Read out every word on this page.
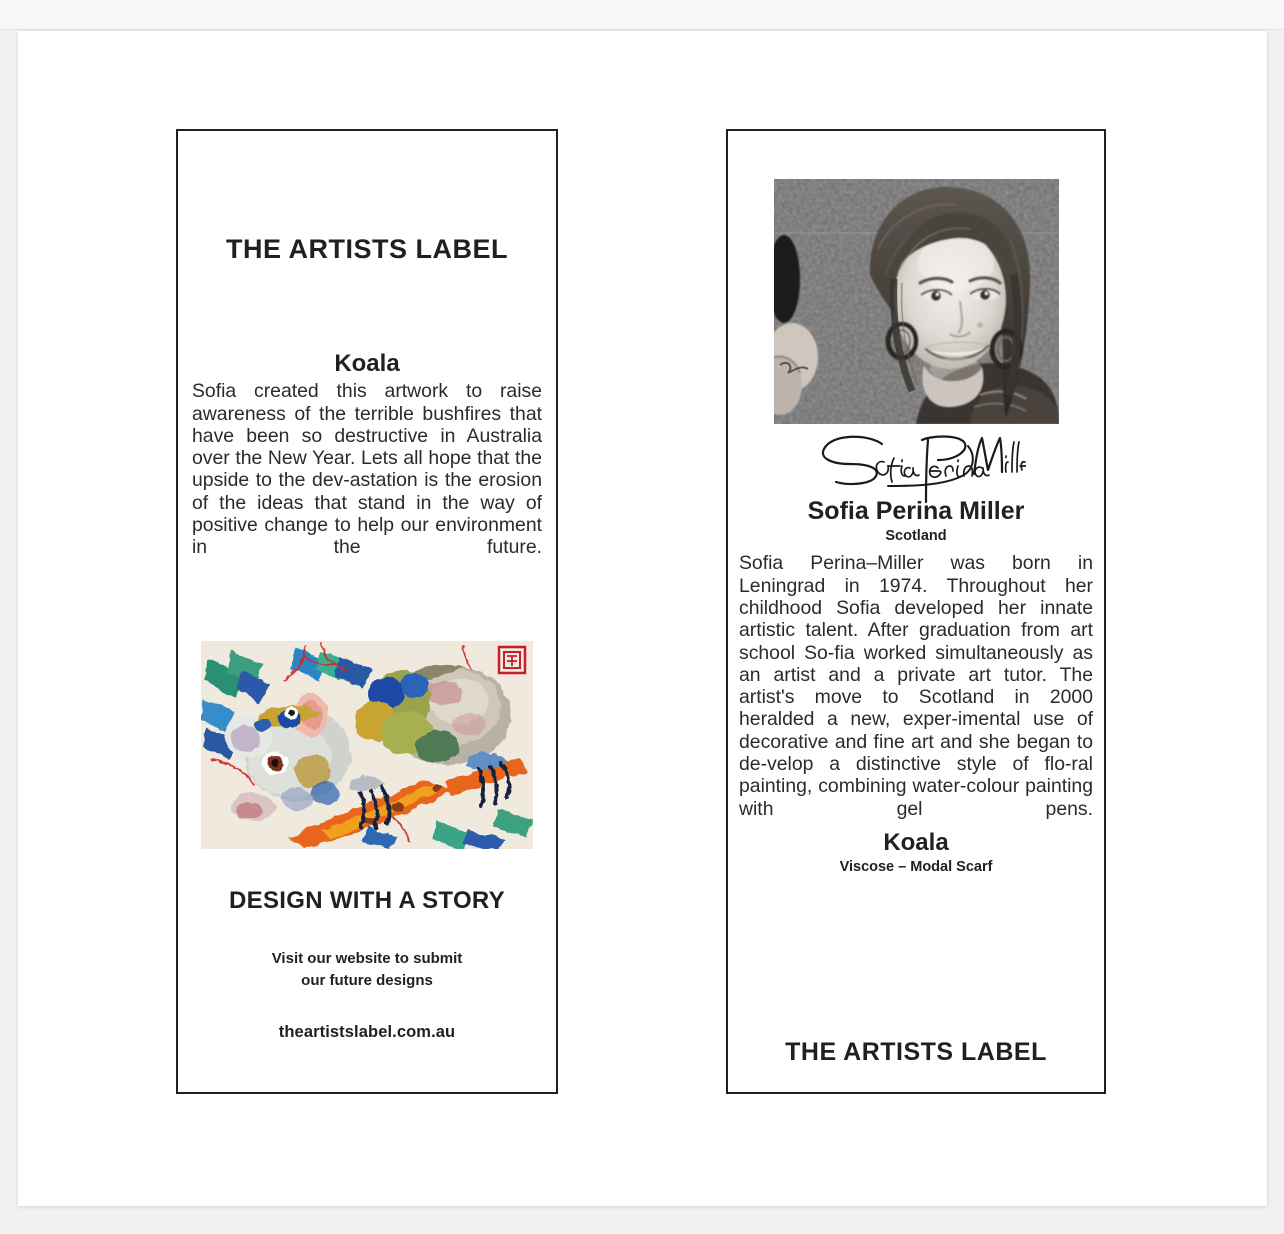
THE ARTISTS LABEL
Koala
Sofia created this artwork to raise awareness of the terrible bushfires that have been so destructive in Australia over the New Year. Lets all hope that the upside to the dev-astation is the erosion of the ideas that stand in the way of positive change to help our environment in the future.
DESIGN WITH A STORY
Visit our website to submit
our future designs
theartistslabel.com.au
Sofia Perina Miller
Scotland
Sofia Perina–Miller was born in Leningrad in 1974. Throughout her childhood Sofia developed her innate artistic talent. After graduation from art school So-fia worked simultaneously as an artist and a private art tutor. The artist's move to Scotland in 2000 heralded a new, exper-imental use of decorative and fine art and she began to de-velop a distinctive style of flo-ral painting, combining water-colour painting with gel pens.
Koala
Viscose – Modal Scarf
THE ARTISTS LABEL
